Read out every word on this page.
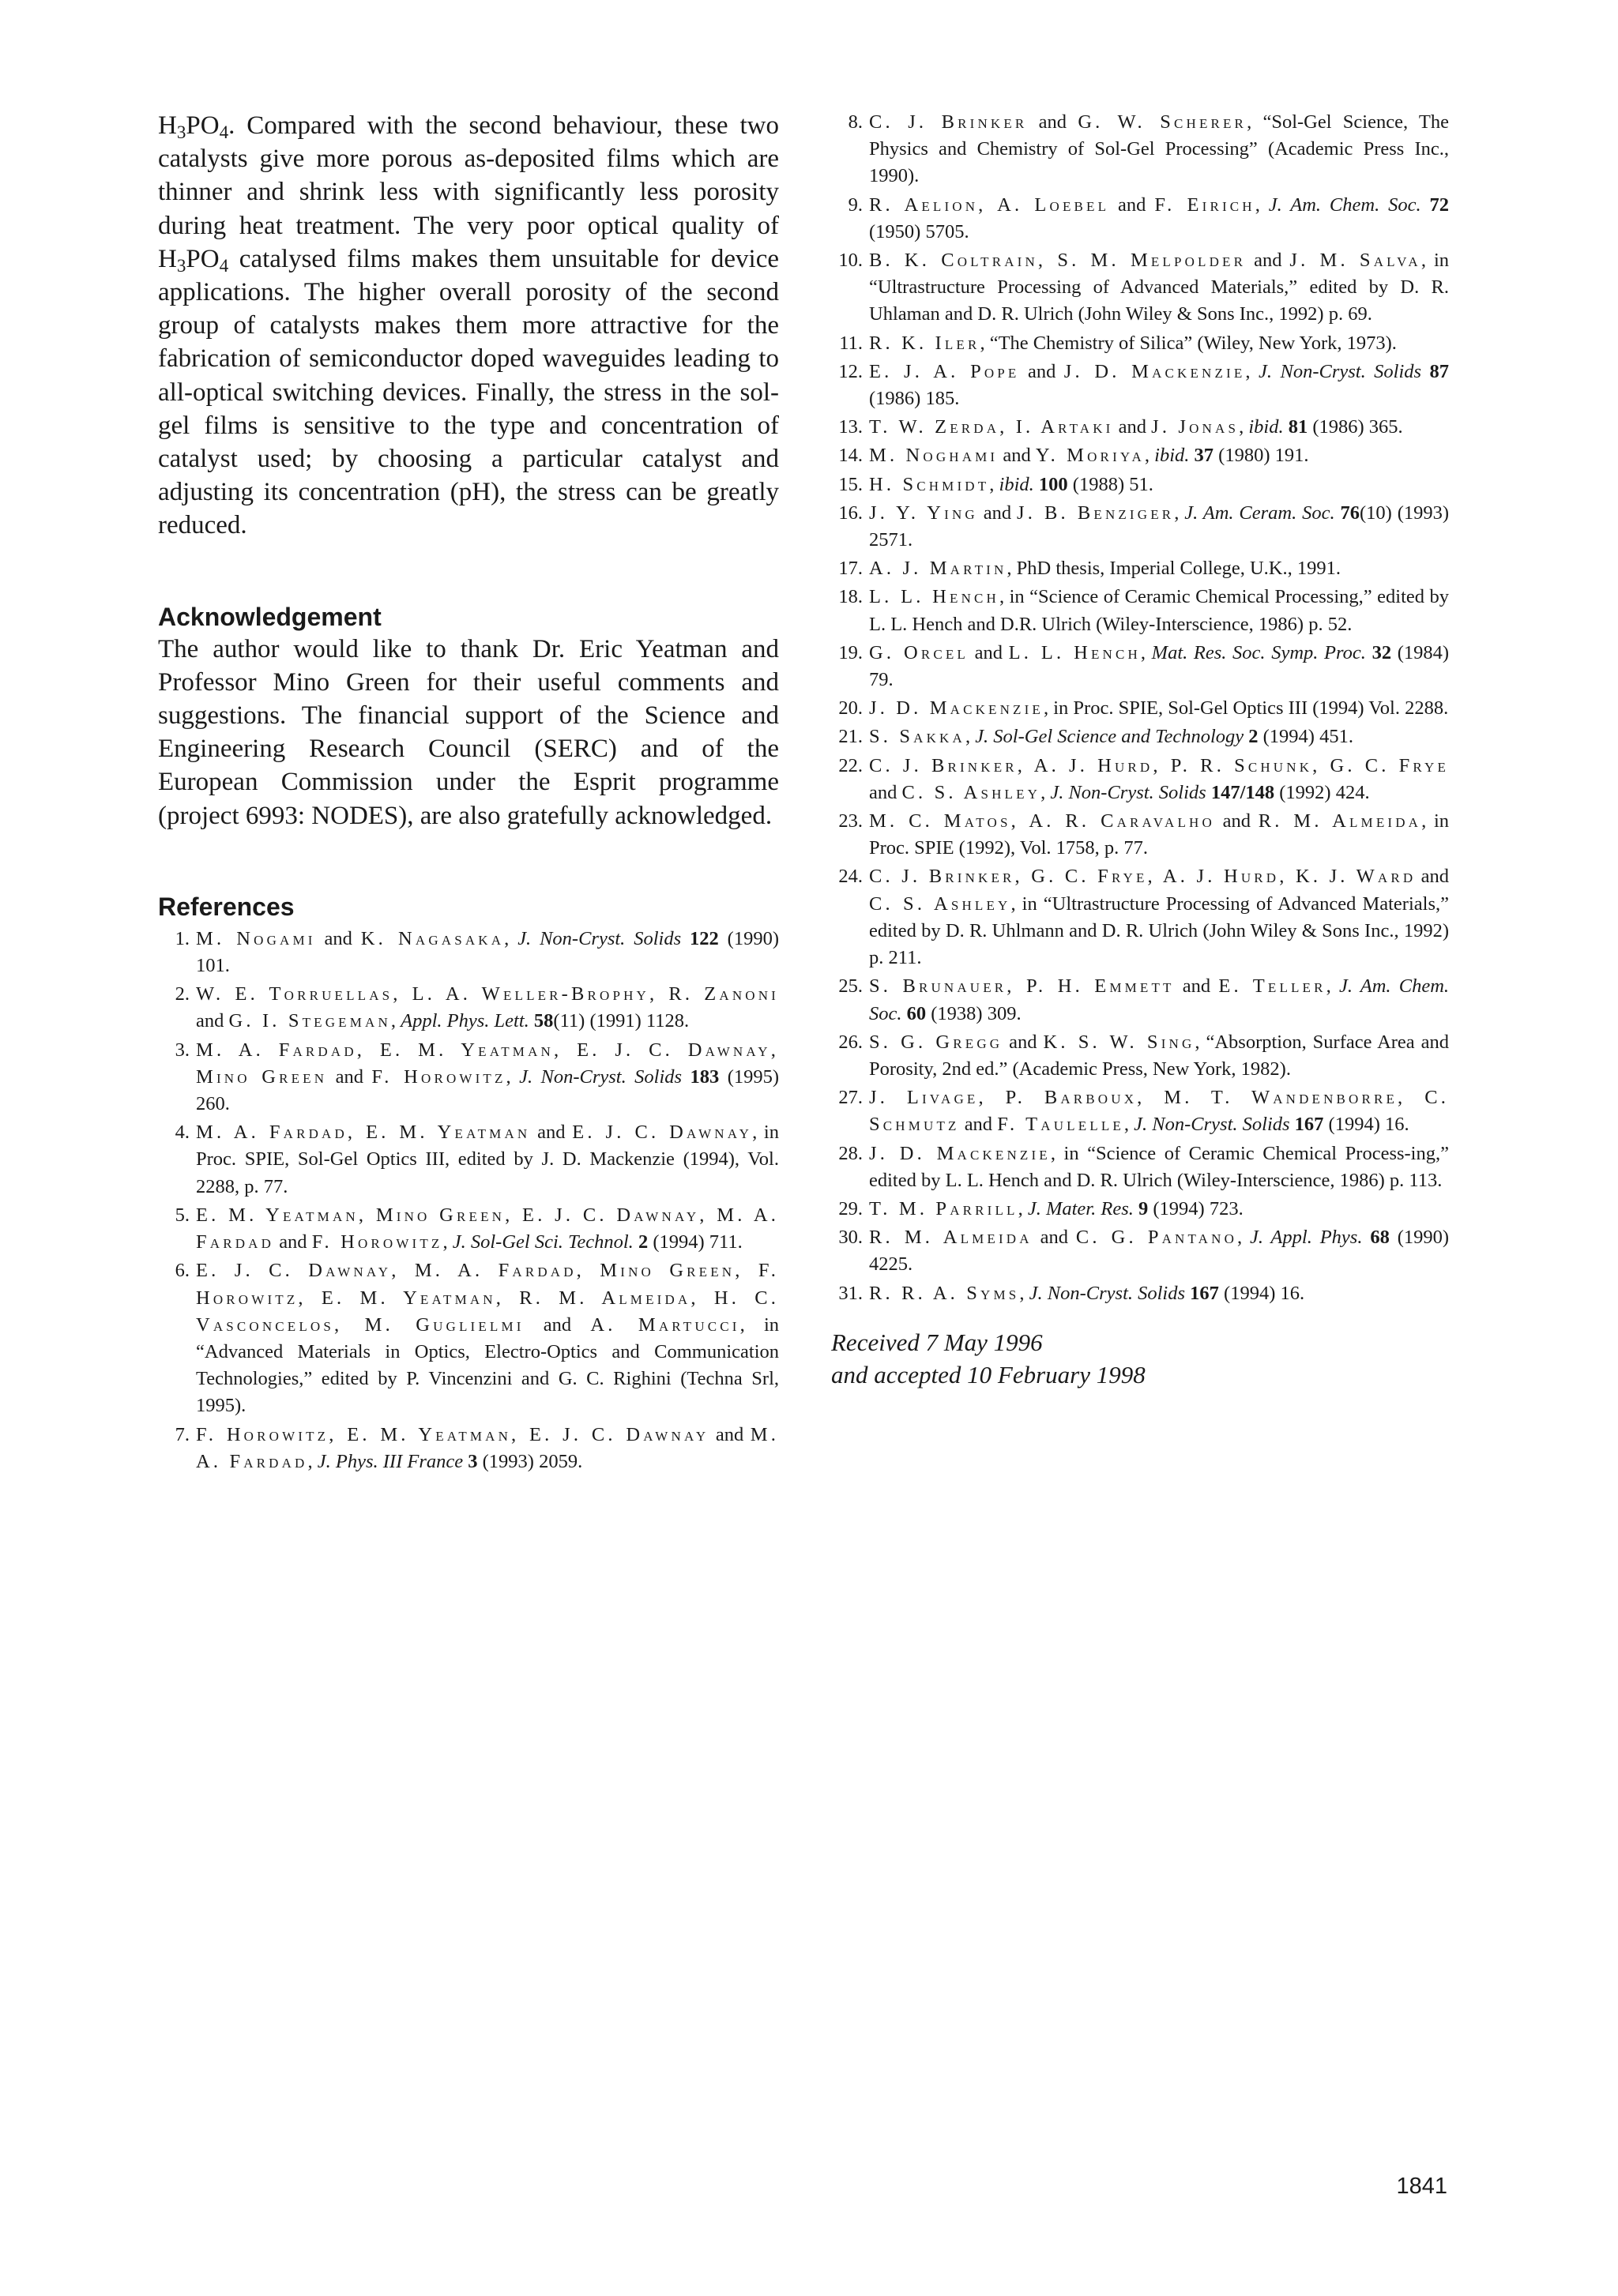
$H_3PO_4$. Compared with the second behaviour, these two catalysts give more porous as-deposited films which are thinner and shrink less with significantly less porosity during heat treatment. The very poor optical quality of $H_3PO_4$ catalysed films makes them unsuitable for device applications. The higher overall porosity of the second group of catalysts makes them more attractive for the fabrication of semiconductor doped waveguides leading to all-optical switching devices. Finally, the stress in the sol-gel films is sensitive to the type and concentration of catalyst used; by choosing a particular catalyst and adjusting its concentration (pH), the stress can be greatly reduced.

Acknowledgement

The author would like to thank Dr. Eric Yeatman and Professor Mino Green for their useful comments and suggestions. The financial support of the Science and Engineering Research Council (SERC) and of the European Commission under the Esprit programme (project 6993: NODES), are also gratefully acknowledged.

References
1. M. Nogami and K. Nagasaka, J. Non-Cryst. Solids 122 (1990) 101.
2. W. E. Torruellas, L. A. Weller-Brophy, R. Zanoni and G. I. Stegeman, Appl. Phys. Lett. 58(11) (1991) 1128.
3. M. A. Fardad, E. M. Yeatman, E. J. C. Dawnay, Mino Green and F. Horowitz, J. Non-Cryst. Solids 183 (1995) 260.
4. M. A. Fardad, E. M. Yeatman and E. J. C. Dawnay, in Proc. SPIE, Sol-Gel Optics III, edited by J. D. Mackenzie (1994), Vol. 2288, p. 77.
5. E. M. Yeatman, Mino Green, E. J. C. Dawnay, M. A. Fardad and F. Horowitz, J. Sol-Gel Sci. Technol. 2 (1994) 711.
6. E. J. C. Dawnay, M. A. Fardad, Mino Green, F. Horowitz, E. M. Yeatman, R. M. Almeida, H. C. Vasconcelos, M. Guglielmi and A. Martucci, in “Advanced Materials in Optics, Electro-Optics and Communication Technologies,” edited by P. Vincenzini and G. C. Righini (Techna Srl, 1995).
7. F. Horowitz, E. M. Yeatman, E. J. C. Dawnay and M. A. Fardad, J. Phys. III France 3 (1993) 2059.
8. C. J. Brinker and G. W. Scherer, “Sol-Gel Science, The Physics and Chemistry of Sol-Gel Processing” (Academic Press Inc., 1990).
9. R. Aelion, A. Loebel and F. Eirich, J. Am. Chem. Soc. 72 (1950) 5705.
10. B. K. Coltrain, S. M. Melpolder and J. M. Salva, in “Ultrastructure Processing of Advanced Materials,” edited by D. R. Uhlaman and D. R. Ulrich (John Wiley & Sons Inc., 1992) p. 69.
11. R. K. Iler, “The Chemistry of Silica” (Wiley, New York, 1973).
12. E. J. A. Pope and J. D. Mackenzie, J. Non-Cryst. Solids 87 (1986) 185.
13. T. W. Zerda, I. Artaki and J. Jonas, ibid. 81 (1986) 365.
14. M. Noghami and Y. Moriya, ibid. 37 (1980) 191.
15. H. Schmidt, ibid. 100 (1988) 51.
16. J. Y. Ying and J. B. Benziger, J. Am. Ceram. Soc. 76(10) (1993) 2571.
17. A. J. Martin, PhD thesis, Imperial College, U.K., 1991.
18. L. L. Hench, in “Science of Ceramic Chemical Processing,” edited by L. L. Hench and D.R. Ulrich (Wiley-Interscience, 1986) p. 52.
19. G. Orcel and L. L. Hench, Mat. Res. Soc. Symp. Proc. 32 (1984) 79.
20. J. D. Mackenzie, in Proc. SPIE, Sol-Gel Optics III (1994) Vol. 2288.
21. S. Sakka, J. Sol-Gel Science and Technology 2 (1994) 451.
22. C. J. Brinker, A. J. Hurd, P. R. Schunk, G. C. Frye and C. S. Ashley, J. Non-Cryst. Solids 147/148 (1992) 424.
23. M. C. Matos, A. R. Caravalho and R. M. Almeida, in Proc. SPIE (1992), Vol. 1758, p. 77.
24. C. J. Brinker, G. C. Frye, A. J. Hurd, K. J. Ward and C. S. Ashley, in “Ultrastructure Processing of Advanced Materials,” edited by D. R. Uhlmann and D. R. Ulrich (John Wiley & Sons Inc., 1992) p. 211.
25. S. Brunauer, P. H. Emmett and E. Teller, J. Am. Chem. Soc. 60 (1938) 309.
26. S. G. Gregg and K. S. W. Sing, “Absorption, Surface Area and Porosity, 2nd ed.” (Academic Press, New York, 1982).
27. J. Livage, P. Barboux, M. T. Wandenborre, C. Schmutz and F. Taulelle, J. Non-Cryst. Solids 167 (1994) 16.
28. J. D. Mackenzie, in “Science of Ceramic Chemical Process-ing,” edited by L. L. Hench and D. R. Ulrich (Wiley-Interscience, 1986) p. 113.
29. T. M. Parrill, J. Mater. Res. 9 (1994) 723.
30. R. M. Almeida and C. G. Pantano, J. Appl. Phys. 68 (1990) 4225.
31. R. R. A. Syms, J. Non-Cryst. Solids 167 (1994) 16.
Received 7 May 1996
and accepted 10 February 1998
1841
